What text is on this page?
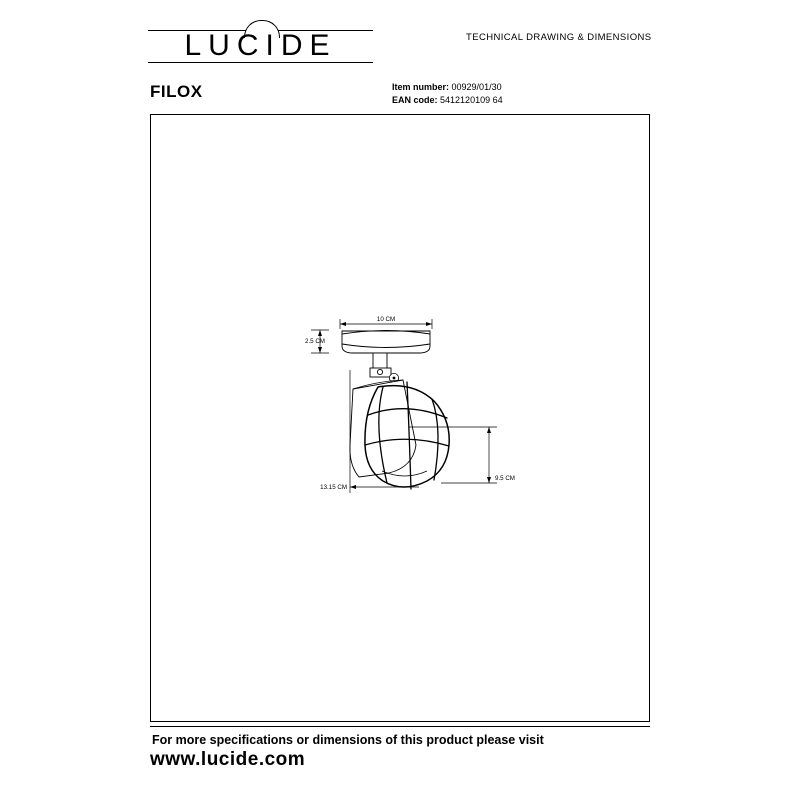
LUCIDE	TECHNICAL DRAWING & DIMENSIONS
FILOX	Item number: 00929/01/30
EAN code: 5412120109 64
10 CM
2.5 CM
13.15 CM
9.5 CM
For more specifications or dimensions of this product please visit
www.lucide.com
